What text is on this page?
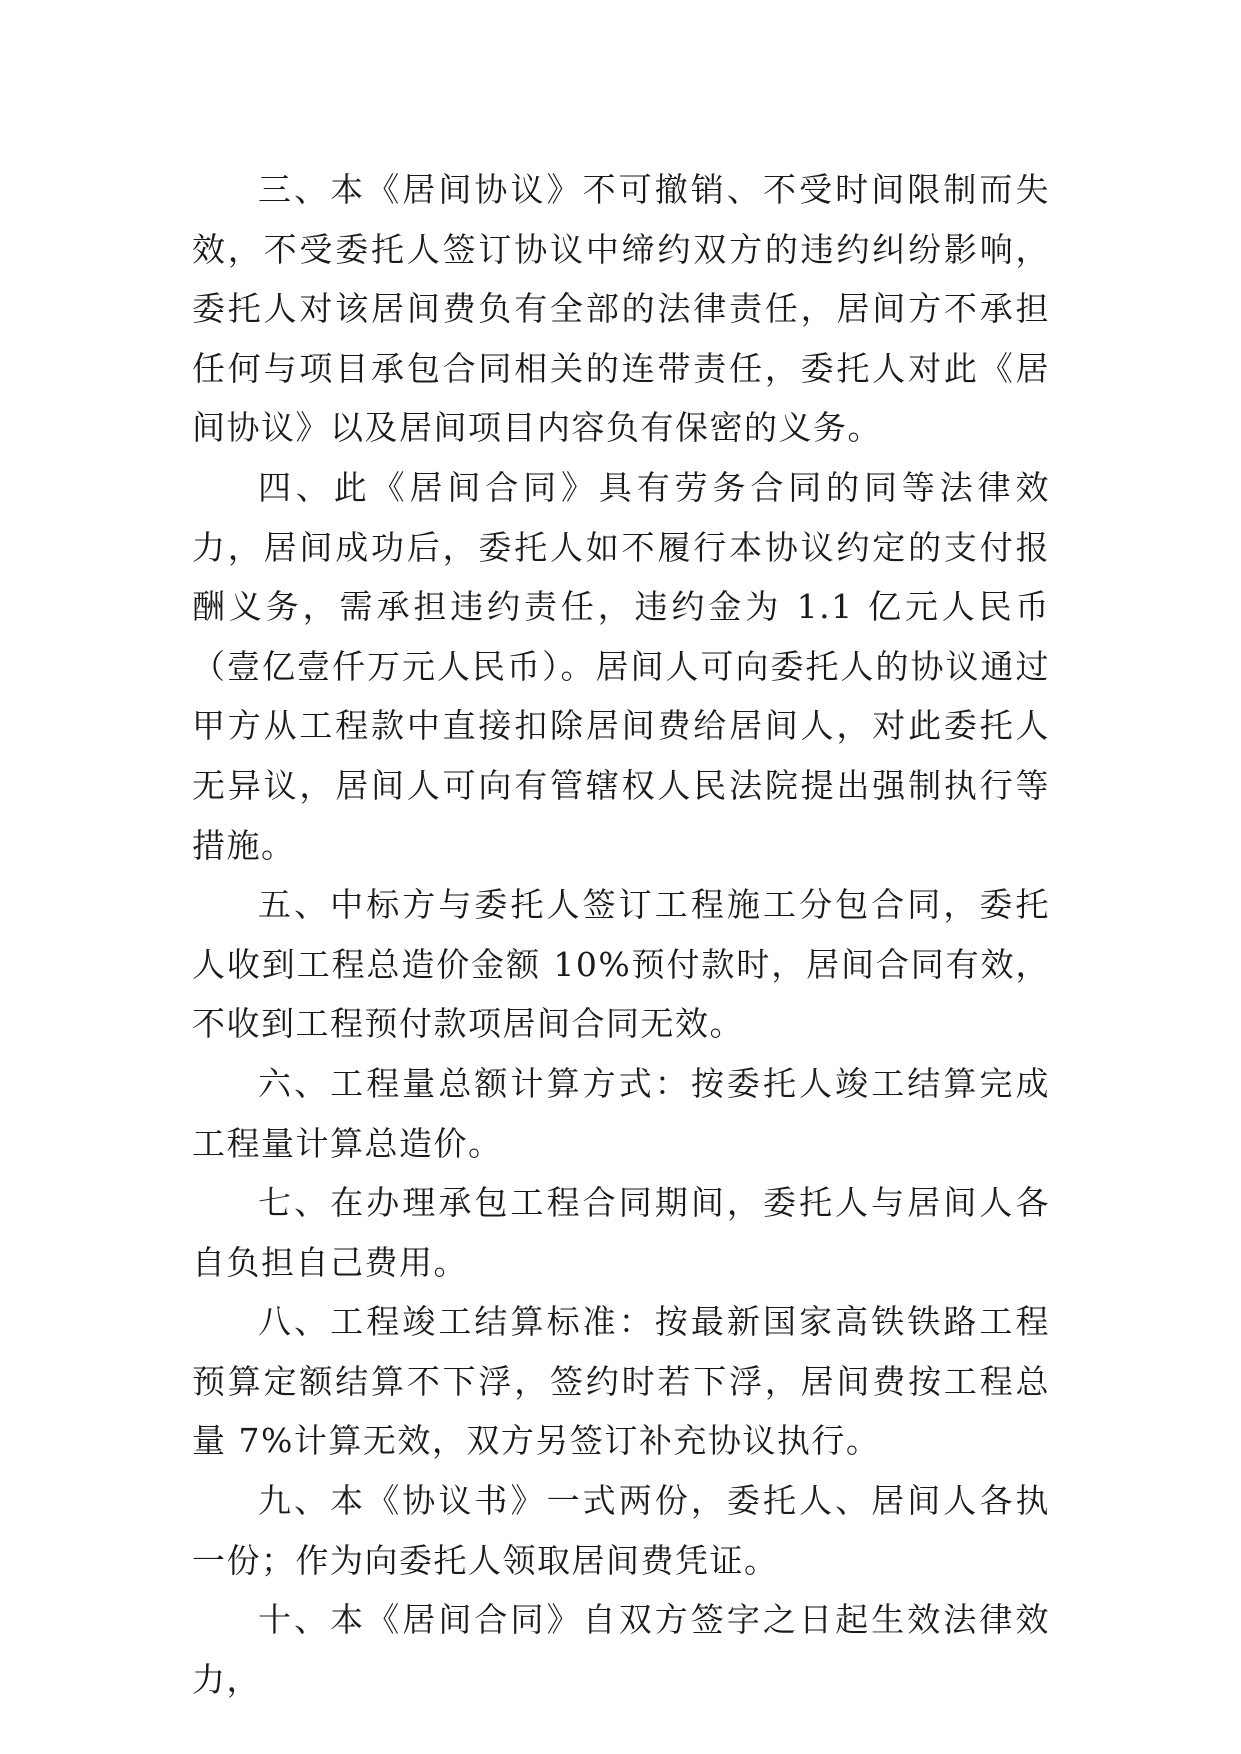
三、本《居间协议》不可撤销、不受时间限制而失效，不受委托人签订协议中缔约双方的违约纠纷影响，委托人对该居间费负有全部的法律责任，居间方不承担任何与项目承包合同相关的连带责任，委托人对此《居间协议》以及居间项目内容负有保密的义务。

四、此《居间合同》具有劳务合同的同等法律效力，居间成功后，委托人如不履行本协议约定的支付报酬义务，需承担违约责任，违约金为 1.1 亿元人民币（壹亿壹仟万元人民币）。居间人可向委托人的协议通过甲方从工程款中直接扣除居间费给居间人，对此委托人无异议，居间人可向有管辖权人民法院提出强制执行等措施。

五、中标方与委托人签订工程施工分包合同，委托人收到工程总造价金额 10%预付款时，居间合同有效，不收到工程预付款项居间合同无效。

六、工程量总额计算方式：按委托人竣工结算完成工程量计算总造价。

七、在办理承包工程合同期间，委托人与居间人各自负担自己费用。

八、工程竣工结算标准：按最新国家高铁铁路工程预算定额结算不下浮，签约时若下浮，居间费按工程总量 7%计算无效，双方另签订补充协议执行。

九、本《协议书》一式两份，委托人、居间人各执一份；作为向委托人领取居间费凭证。

十、本《居间合同》自双方签字之日起生效法律效力，
